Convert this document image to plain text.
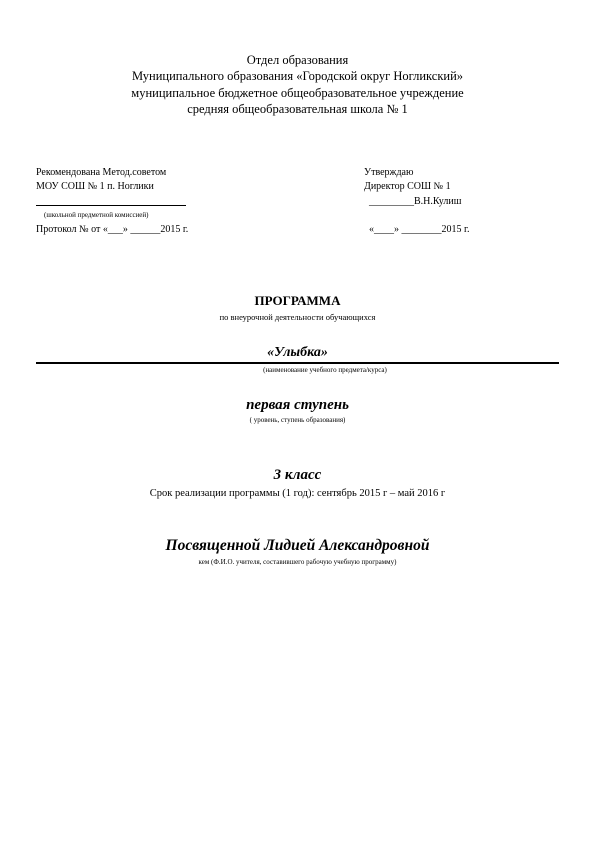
Отдел образования
Муниципального образования «Городской округ Ногликский»
муниципальное бюджетное общеобразовательное учреждение
средняя общеобразовательная школа № 1
Рекомендована Метод.советом
МОУ СОШ № 1 п. Ноглики
(школьной предметной комиссией)
Протокол № от «___» ______2015 г.
Утверждаю
Директор СОШ № 1
_________В.Н.Кулиш
«____» ________2015 г.
ПРОГРАММА
по внеурочной деятельности обучающихся
«Улыбка»
(наименование учебного предмета/курса)
первая ступень
( уровень, ступень образования)
3 класс
Срок реализации программы (1 год): сентябрь 2015 г – май 2016 г
Посвященной Лидией Александровной
кем (Ф.И.О. учителя, составившего рабочую учебную программу)
